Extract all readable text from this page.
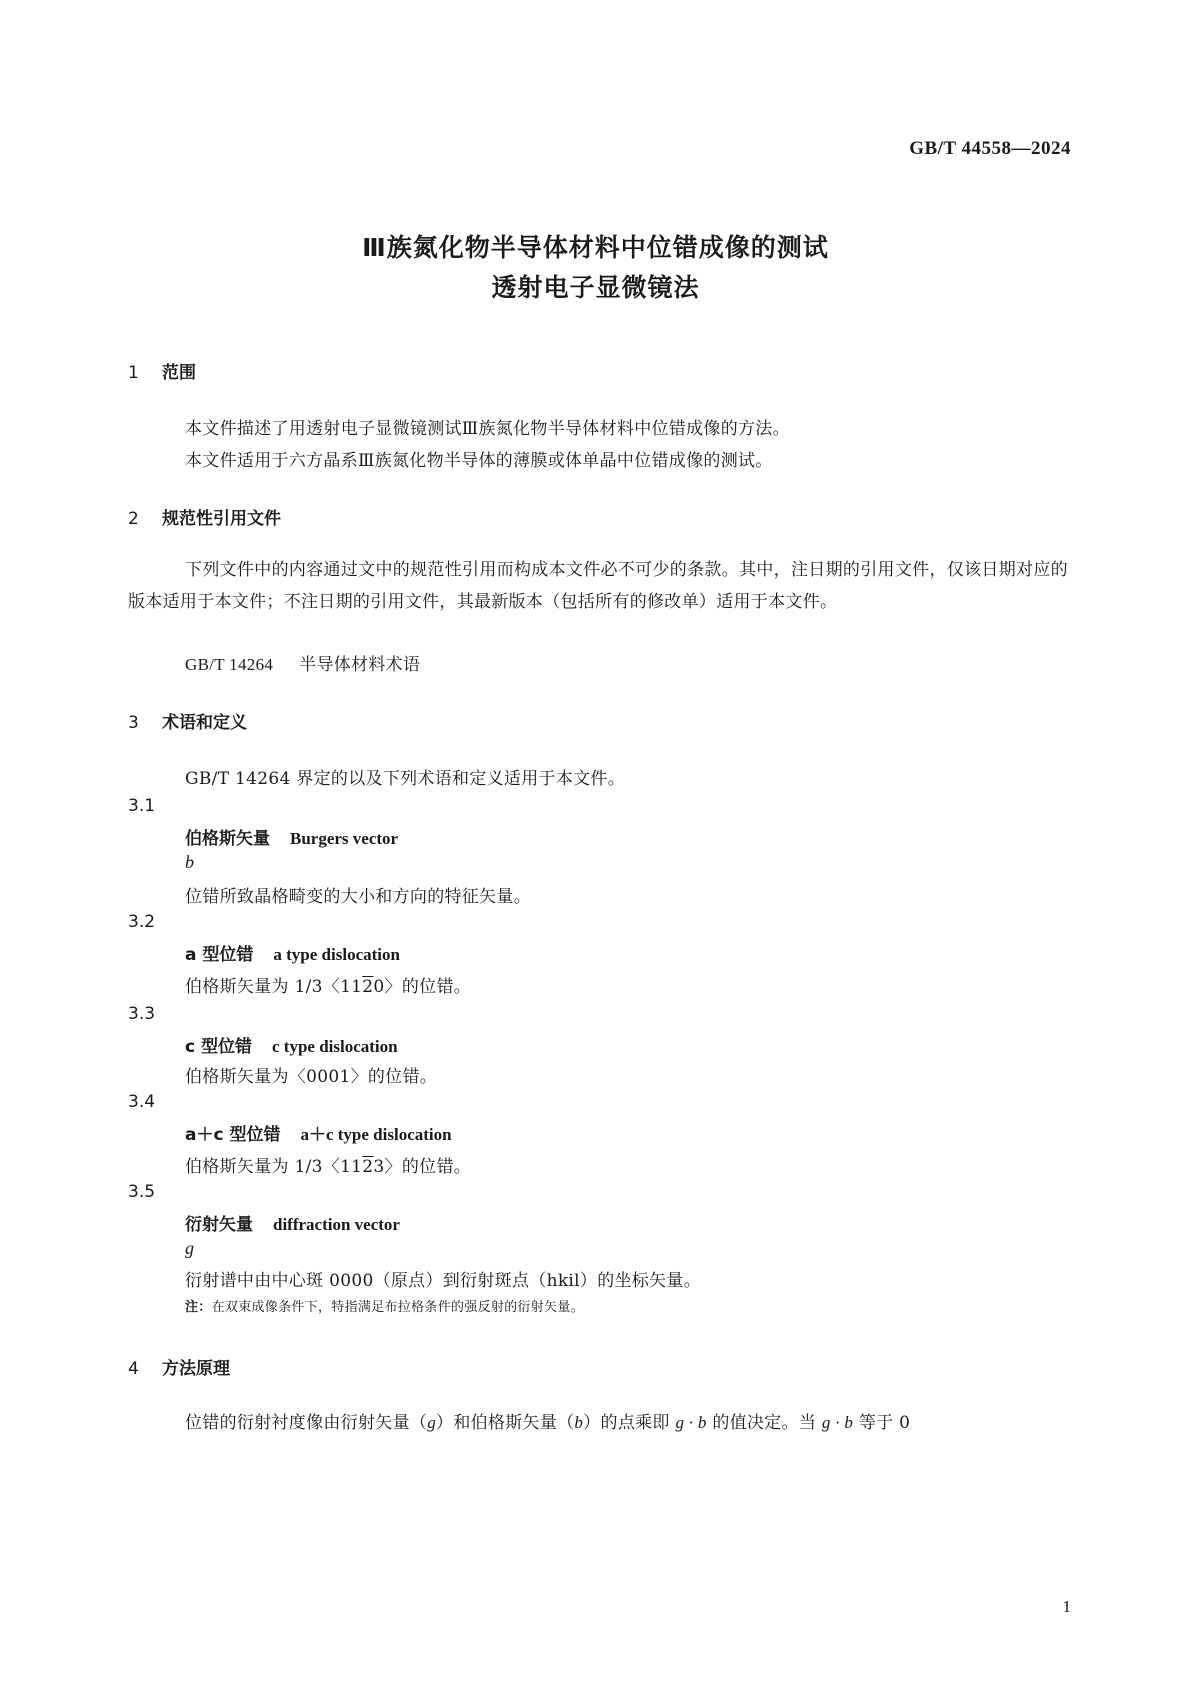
GB/T 44558—2024
Ⅲ族氮化物半导体材料中位错成像的测试
透射电子显微镜法
1 范围
本文件描述了用透射电子显微镜测试Ⅲ族氮化物半导体材料中位错成像的方法。
本文件适用于六方晶系Ⅲ族氮化物半导体的薄膜或体单晶中位错成像的测试。
2 规范性引用文件
下列文件中的内容通过文中的规范性引用而构成本文件必不可少的条款。其中，注日期的引用文件，仅该日期对应的版本适用于本文件；不注日期的引用文件，其最新版本（包括所有的修改单）适用于本文件。
GB/T 14264 半导体材料术语
3 术语和定义
GB/T 14264 界定的以及下列术语和定义适用于本文件。
3.1
伯格斯矢量 Burgers vector
b
位错所致晶格畸变的大小和方向的特征矢量。
3.2
a 型位错 a type dislocation
伯格斯矢量为 1/3〈1120〉的位错。
3.3
c 型位错 c type dislocation
伯格斯矢量为〈0001〉的位错。
3.4
a＋c 型位错 a＋c type dislocation
伯格斯矢量为 1/3〈1123〉的位错。
3.5
衍射矢量 diffraction vector
g
衍射谱中由中心斑 0000（原点）到衍射斑点（hkil）的坐标矢量。
注：在双束成像条件下，特指满足布拉格条件的强反射的衍射矢量。
4 方法原理
位错的衍射衬度像由衍射矢量（g）和伯格斯矢量（b）的点乘即 g · b 的值决定。当 g · b 等于 0
1
